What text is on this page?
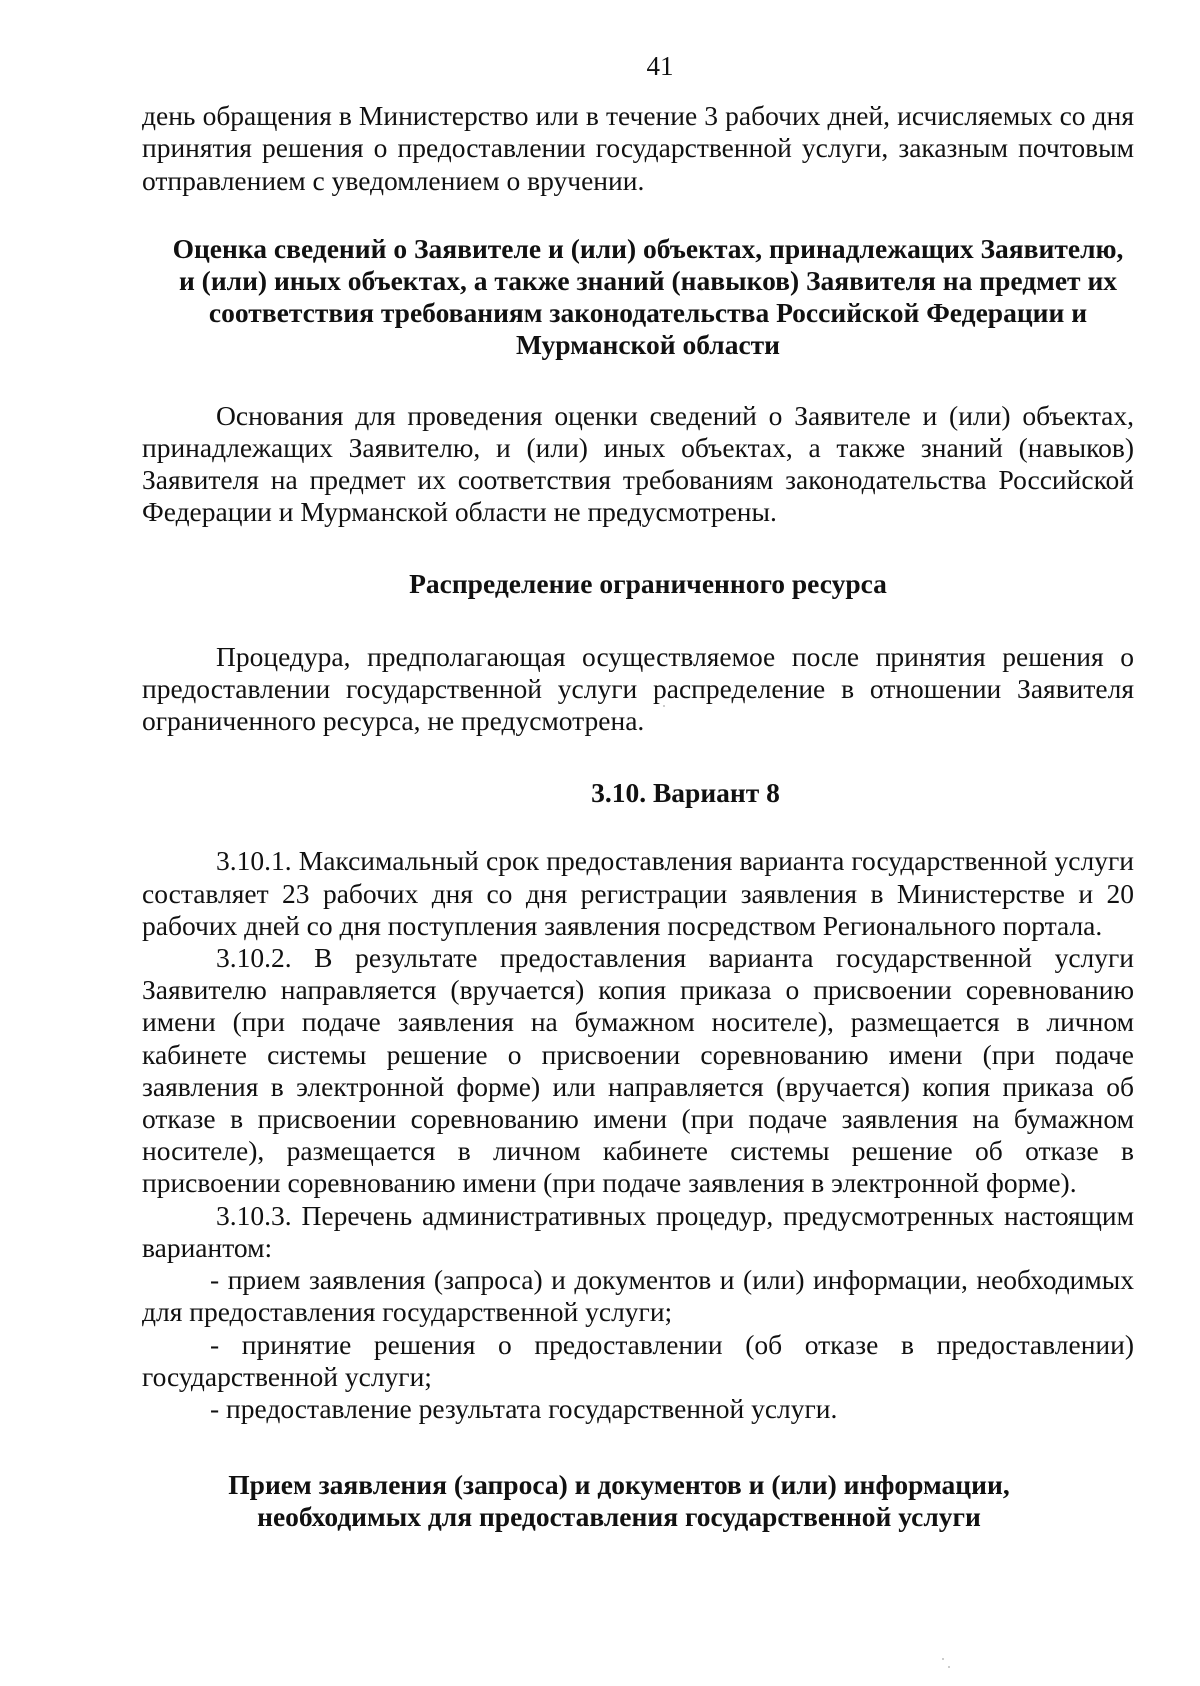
41

день обращения в Министерство или в течение 3 рабочих дней, исчисляемых со дня принятия решения о предоставлении государственной услуги, заказным почтовым отправлением с уведомлением о вручении.

Оценка сведений о Заявителе и (или) объектах, принадлежащих Заявителю, и (или) иных объектах, а также знаний (навыков) Заявителя на предмет их соответствия требованиям законодательства Российской Федерации и Мурманской области

Основания для проведения оценки сведений о Заявителе и (или) объектах, принадлежащих Заявителю, и (или) иных объектах, а также знаний (навыков) Заявителя на предмет их соответствия требованиям законодательства Российской Федерации и Мурманской области не предусмотрены.

Распределение ограниченного ресурса

Процедура, предполагающая осуществляемое после принятия решения о предоставлении государственной услуги распределение в отношении Заявителя ограниченного ресурса, не предусмотрена.

3.10. Вариант 8

3.10.1. Максимальный срок предоставления варианта государственной услуги составляет 23 рабочих дня со дня регистрации заявления в Министерстве и 20 рабочих дней со дня поступления заявления посредством Регионального портала.

3.10.2. В результате предоставления варианта государственной услуги Заявителю направляется (вручается) копия приказа о присвоении соревнованию имени (при подаче заявления на бумажном носителе), размещается в личном кабинете системы решение о присвоении соревнованию имени (при подаче заявления в электронной форме) или направляется (вручается) копия приказа об отказе в присвоении соревнованию имени (при подаче заявления на бумажном носителе), размещается в личном кабинете системы решение об отказе в присвоении соревнованию имени (при подаче заявления в электронной форме).

3.10.3. Перечень административных процедур, предусмотренных настоящим вариантом:

- прием заявления (запроса) и документов и (или) информации, необходимых для предоставления государственной услуги;

- принятие решения о предоставлении (об отказе в предоставлении) государственной услуги;

- предоставление результата государственной услуги.

Прием заявления (запроса) и документов и (или) информации, необходимых для предоставления государственной услуги
